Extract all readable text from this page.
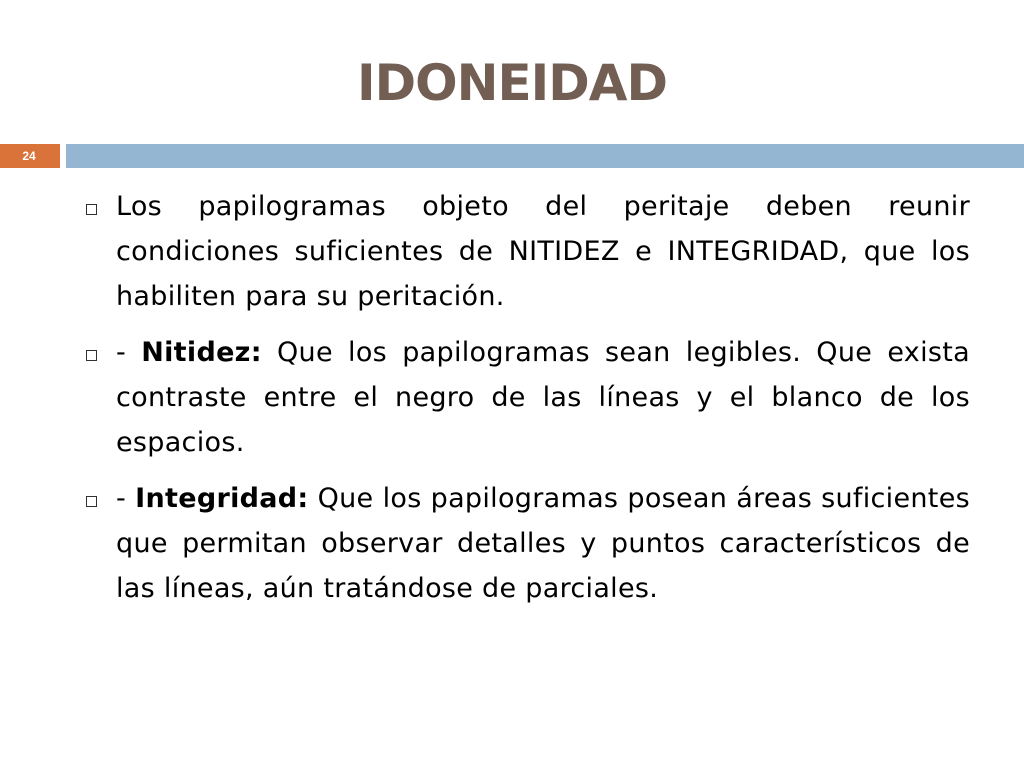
IDONEIDAD
24
Los papilogramas objeto del peritaje deben reunir condiciones suficientes de NITIDEZ e INTEGRIDAD, que los habiliten para su peritación.
- Nitidez: Que los papilogramas sean legibles. Que exista contraste entre el negro de las líneas y el blanco de los espacios.
- Integridad: Que los papilogramas posean áreas suficientes que permitan observar detalles y puntos característicos de las líneas, aún tratándose de parciales.
